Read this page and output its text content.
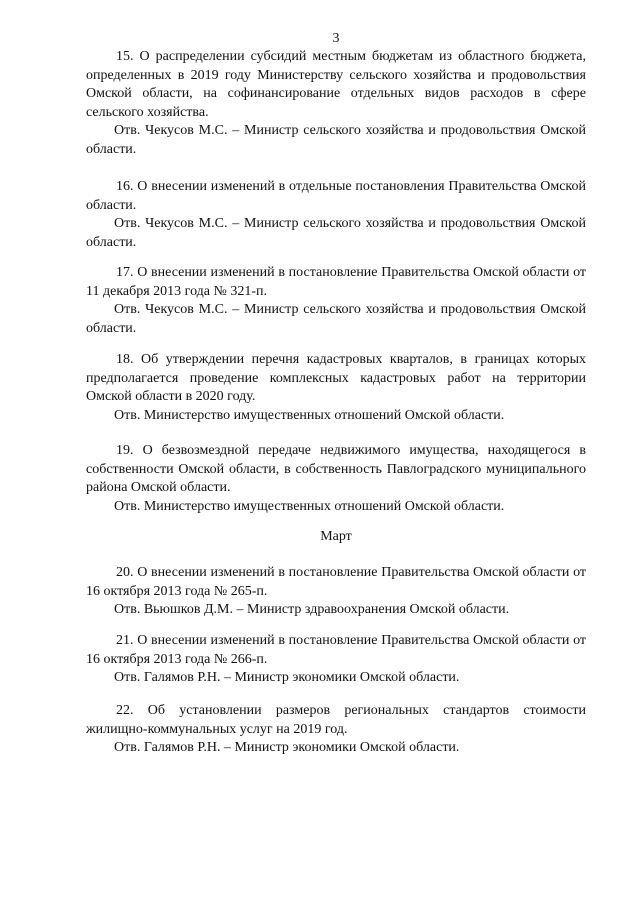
3

15. О распределении субсидий местным бюджетам из областного бюджета, определенных в 2019 году Министерству сельского хозяйства и продовольствия Омской области, на софинансирование отдельных видов расходов в сфере сельского хозяйства.

Отв. Чекусов М.С. – Министр сельского хозяйства и продовольствия Омской области.

16. О внесении изменений в отдельные постановления Правительства Омской области.

Отв. Чекусов М.С. – Министр сельского хозяйства и продовольствия Омской области.

17. О внесении изменений в постановление Правительства Омской области от 11 декабря 2013 года № 321-п.

Отв. Чекусов М.С. – Министр сельского хозяйства и продовольствия Омской области.

18. Об утверждении перечня кадастровых кварталов, в границах которых предполагается проведение комплексных кадастровых работ на территории Омской области в 2020 году.

Отв. Министерство имущественных отношений Омской области.

19. О безвозмездной передаче недвижимого имущества, находящегося в собственности Омской области, в собственность Павлоградского муниципального района Омской области.

Отв. Министерство имущественных отношений Омской области.

Март

20. О внесении изменений в постановление Правительства Омской области от 16 октября 2013 года № 265-п.

Отв. Вьюшков Д.М. – Министр здравоохранения Омской области.

21. О внесении изменений в постановление Правительства Омской области от 16 октября 2013 года № 266-п.

Отв. Галямов Р.Н. – Министр экономики Омской области.

22. Об установлении размеров региональных стандартов стоимости жилищно-коммунальных услуг на 2019 год.

Отв. Галямов Р.Н. – Министр экономики Омской области.
